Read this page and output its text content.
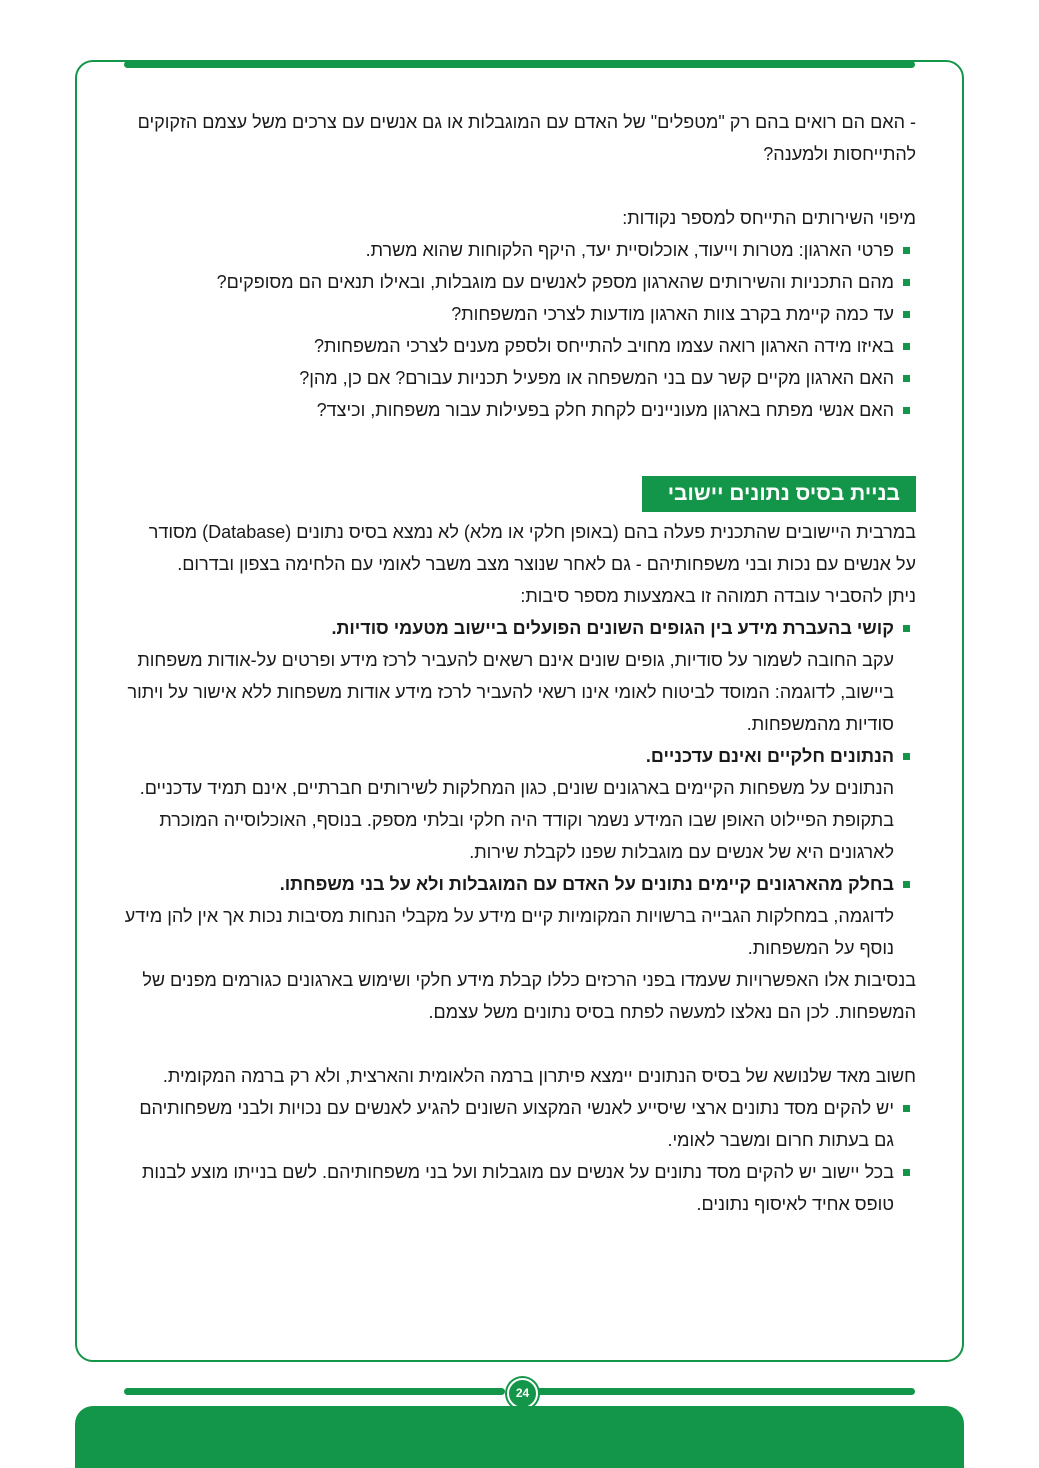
- האם הם רואים בהם רק "מטפלים" של האדם עם המוגבלות או גם אנשים עם צרכים משל עצמם הזקוקים להתייחסות ולמענה?

מיפוי השירותים התייחס למספר נקודות:

פרטי הארגון: מטרות וייעוד, אוכלוסיית יעד, היקף הלקוחות שהוא משרת.
מהם התכניות והשירותים שהארגון מספק לאנשים עם מוגבלות, ובאילו תנאים הם מסופקים?
עד כמה קיימת בקרב צוות הארגון מודעות לצרכי המשפחות?
באיזו מידה הארגון רואה עצמו מחויב להתייחס ולספק מענים לצרכי המשפחות?
האם הארגון מקיים קשר עם בני המשפחה או מפעיל תכניות עבורם? אם כן, מהן?
האם אנשי מפתח בארגון מעוניינים לקחת חלק בפעילות עבור משפחות, וכיצד?
בניית בסיס נתונים יישובי

במרבית היישובים שהתכנית פעלה בהם (באופן חלקי או מלא) לא נמצא בסיס נתונים (Database) מסודר על אנשים עם נכות ובני משפחותיהם - גם לאחר שנוצר מצב משבר לאומי עם הלחימה בצפון ובדרום.

ניתן להסביר עובדה תמוהה זו באמצעות מספר סיבות:

קושי בהעברת מידע בין הגופים השונים הפועלים ביישוב מטעמי סודיות.

עקב החובה לשמור על סודיות, גופים שונים אינם רשאים להעביר לרכז מידע ופרטים על-אודות משפחות ביישוב, לדוגמה: המוסד לביטוח לאומי אינו רשאי להעביר לרכז מידע אודות משפחות ללא אישור על ויתור סודיות מהמשפחות.

הנתונים חלקיים ואינם עדכניים.

הנתונים על משפחות הקיימים בארגונים שונים, כגון המחלקות לשירותים חברתיים, אינם תמיד עדכניים. בתקופת הפיילוט האופן שבו המידע נשמר וקודד היה חלקי ובלתי מספק. בנוסף, האוכלוסייה המוכרת לארגונים היא של אנשים עם מוגבלות שפנו לקבלת שירות.

בחלק מהארגונים קיימים נתונים על האדם עם המוגבלות ולא על בני משפחתו.

לדוגמה, במחלקות הגבייה ברשויות המקומיות קיים מידע על מקבלי הנחות מסיבות נכות אך אין להן מידע נוסף על המשפחות.

בנסיבות אלו האפשרויות שעמדו בפני הרכזים כללו קבלת מידע חלקי ושימוש בארגונים כגורמים מפנים של המשפחות. לכן הם נאלצו למעשה לפתח בסיס נתונים משל עצמם.

חשוב מאד שלנושא של בסיס הנתונים יימצא פיתרון ברמה הלאומית והארצית, ולא רק ברמה המקומית.

יש להקים מסד נתונים ארצי שיסייע לאנשי המקצוע השונים להגיע לאנשים עם נכויות ולבני משפחותיהם גם בעתות חרום ומשבר לאומי.
בכל יישוב יש להקים מסד נתונים על אנשים עם מוגבלות ועל בני משפחותיהם. לשם בנייתו מוצע לבנות טופס אחיד לאיסוף נתונים.
24
